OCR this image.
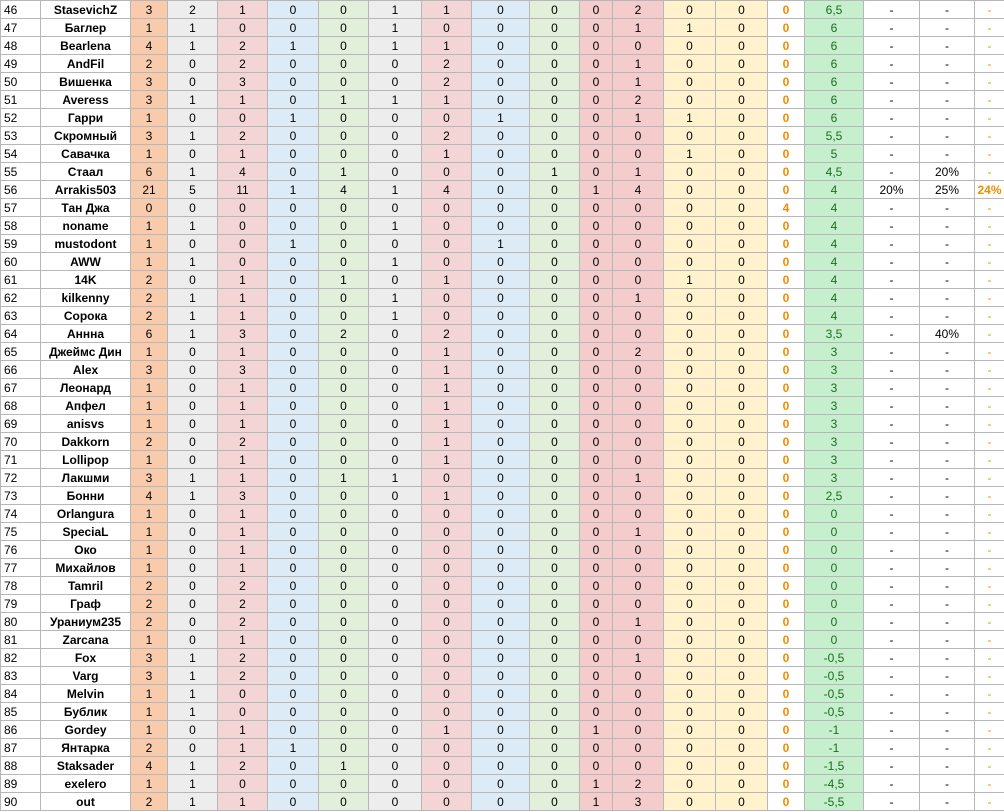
46	StasevichZ	3	2	1	0	0	1	1	0	0	0	2	0	0	0	6,5	-	-	-
47	Баглер	1	1	0	0	0	1	0	0	0	0	1	1	0	0	6	-	-	-
48	Bearlena	4	1	2	1	0	1	1	0	0	0	0	0	0	0	6	-	-	-
49	AndFil	2	0	2	0	0	0	2	0	0	0	1	0	0	0	6	-	-	-
50	Вишенка	3	0	3	0	0	0	2	0	0	0	1	0	0	0	6	-	-	-
51	Averess	3	1	1	0	1	1	1	0	0	0	2	0	0	0	6	-	-	-
52	Гарри	1	0	0	1	0	0	0	1	0	0	1	1	0	0	6	-	-	-
53	Скромный	3	1	2	0	0	0	2	0	0	0	0	0	0	0	5,5	-	-	-
54	Савачка	1	0	1	0	0	0	1	0	0	0	0	1	0	0	5	-	-	-
55	Стаал	6	1	4	0	1	0	0	0	1	0	1	0	0	0	4,5	-	20%	-
56	Arrakis503	21	5	11	1	4	1	4	0	0	1	4	0	0	0	4	20%	25%	24%
57	Тан Джа	0	0	0	0	0	0	0	0	0	0	0	0	0	4	4	-	-	-
58	noname	1	1	0	0	0	1	0	0	0	0	0	0	0	0	4	-	-	-
59	mustodont	1	0	0	1	0	0	0	1	0	0	0	0	0	0	4	-	-	-
60	AWW	1	1	0	0	0	1	0	0	0	0	0	0	0	0	4	-	-	-
61	14K	2	0	1	0	1	0	1	0	0	0	0	1	0	0	4	-	-	-
62	kilkenny	2	1	1	0	0	1	0	0	0	0	1	0	0	0	4	-	-	-
63	Сорока	2	1	1	0	0	1	0	0	0	0	0	0	0	0	4	-	-	-
64	Аннна	6	1	3	0	2	0	2	0	0	0	0	0	0	0	3,5	-	40%	-
65	Джеймс Дин	1	0	1	0	0	0	1	0	0	0	2	0	0	0	3	-	-	-
66	Alex	3	0	3	0	0	0	1	0	0	0	0	0	0	0	3	-	-	-
67	Леонард	1	0	1	0	0	0	1	0	0	0	0	0	0	0	3	-	-	-
68	Апфел	1	0	1	0	0	0	1	0	0	0	0	0	0	0	3	-	-	-
69	anisvs	1	0	1	0	0	0	1	0	0	0	0	0	0	0	3	-	-	-
70	Dakkorn	2	0	2	0	0	0	1	0	0	0	0	0	0	0	3	-	-	-
71	Lollipop	1	0	1	0	0	0	1	0	0	0	0	0	0	0	3	-	-	-
72	Лакшми	3	1	1	0	1	1	0	0	0	0	1	0	0	0	3	-	-	-
73	Бонни	4	1	3	0	0	0	1	0	0	0	0	0	0	0	2,5	-	-	-
74	Orlangura	1	0	1	0	0	0	0	0	0	0	0	0	0	0	0	-	-	-
75	SpeciaL	1	0	1	0	0	0	0	0	0	0	1	0	0	0	0	-	-	-
76	Око	1	0	1	0	0	0	0	0	0	0	0	0	0	0	0	-	-	-
77	Михайлов	1	0	1	0	0	0	0	0	0	0	0	0	0	0	0	-	-	-
78	Tamril	2	0	2	0	0	0	0	0	0	0	0	0	0	0	0	-	-	-
79	Граф	2	0	2	0	0	0	0	0	0	0	0	0	0	0	0	-	-	-
80	Ураниум235	2	0	2	0	0	0	0	0	0	0	1	0	0	0	0	-	-	-
81	Zarcana	1	0	1	0	0	0	0	0	0	0	0	0	0	0	0	-	-	-
82	Fox	3	1	2	0	0	0	0	0	0	0	1	0	0	0	-0,5	-	-	-
83	Varg	3	1	2	0	0	0	0	0	0	0	0	0	0	0	-0,5	-	-	-
84	Melvin	1	1	0	0	0	0	0	0	0	0	0	0	0	0	-0,5	-	-	-
85	Бублик	1	1	0	0	0	0	0	0	0	0	0	0	0	0	-0,5	-	-	-
86	Gordey	1	0	1	0	0	0	1	0	0	1	0	0	0	0	-1	-	-	-
87	Янтарка	2	0	1	1	0	0	0	0	0	0	0	0	0	0	-1	-	-	-
88	Staksader	4	1	2	0	1	0	0	0	0	0	0	0	0	0	-1,5	-	-	-
89	exelero	1	1	0	0	0	0	0	0	0	1	2	0	0	0	-4,5	-	-	-
90	out	2	1	1	0	0	0	0	0	0	1	3	0	0	0	-5,5	-	-	-
